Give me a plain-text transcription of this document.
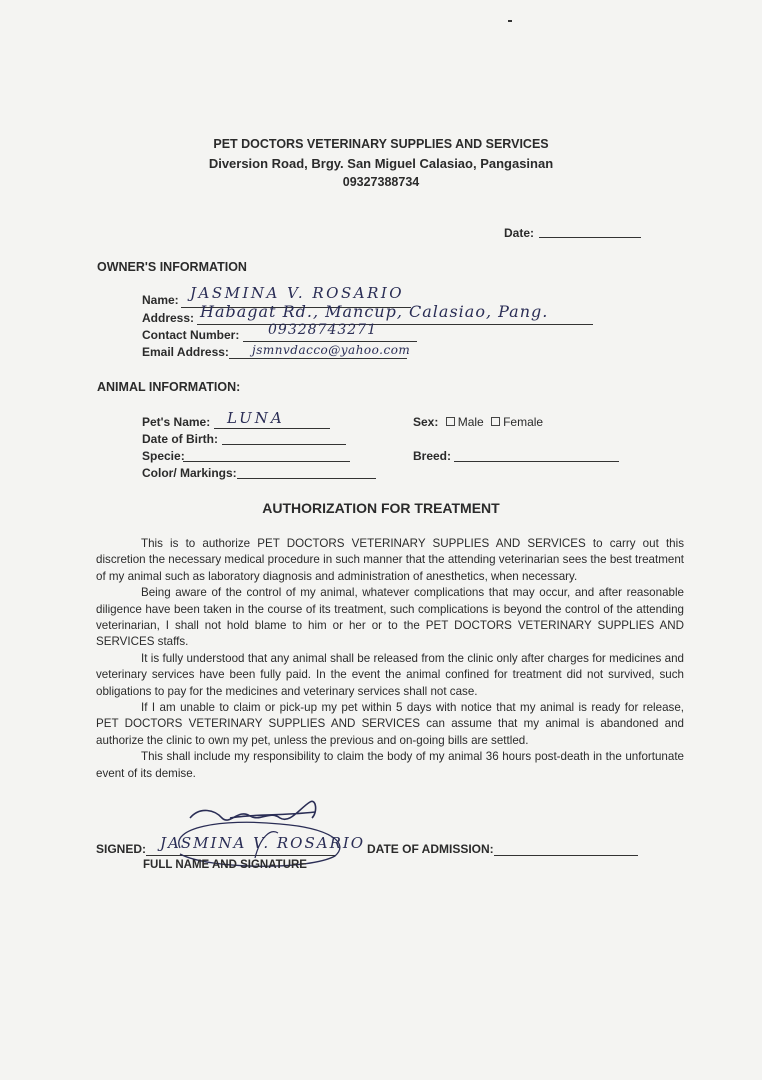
PET DOCTORS VETERINARY SUPPLIES AND SERVICES
Diversion Road, Brgy. San Miguel Calasiao, Pangasinan
09327388734
Date:
OWNER'S INFORMATION
Name: JASMINA V. ROSARIO
Address: Habagat Rd., Mancup, Calasiao, Pang.
Contact Number: 09328743271
Email Address: jsmnvdacco@yahoo.com
ANIMAL INFORMATION:
Pet's Name: LUNA	Sex: Male Female
Date of Birth:
Specie:	Breed:
Color/ Markings:
AUTHORIZATION FOR TREATMENT

This is to authorize PET DOCTORS VETERINARY SUPPLIES AND SERVICES to carry out this discretion the necessary medical procedure in such manner that the attending veterinarian sees the best treatment of my animal such as laboratory diagnosis and administration of anesthetics, when necessary.

Being aware of the control of my animal, whatever complications that may occur, and after reasonable diligence have been taken in the course of its treatment, such complications is beyond the control of the attending veterinarian, I shall not hold blame to him or her or to the PET DOCTORS VETERINARY SUPPLIES AND SERVICES staffs.

It is fully understood that any animal shall be released from the clinic only after charges for medicines and veterinary services have been fully paid. In the event the animal confined for treatment did not survived, such obligations to pay for the medicines and veterinary services shall not case.

If I am unable to claim or pick-up my pet within 5 days with notice that my animal is ready for release, PET DOCTORS VETERINARY SUPPLIES AND SERVICES can assume that my animal is abandoned and authorize the clinic to own my pet, unless the previous and on-going bills are settled.

This shall include my responsibility to claim the body of my animal 36 hours post-death in the unfortunate event of its demise.

SIGNED: JASMINA V. ROSARIO
FULL NAME AND SIGNATURE
DATE OF ADMISSION:
